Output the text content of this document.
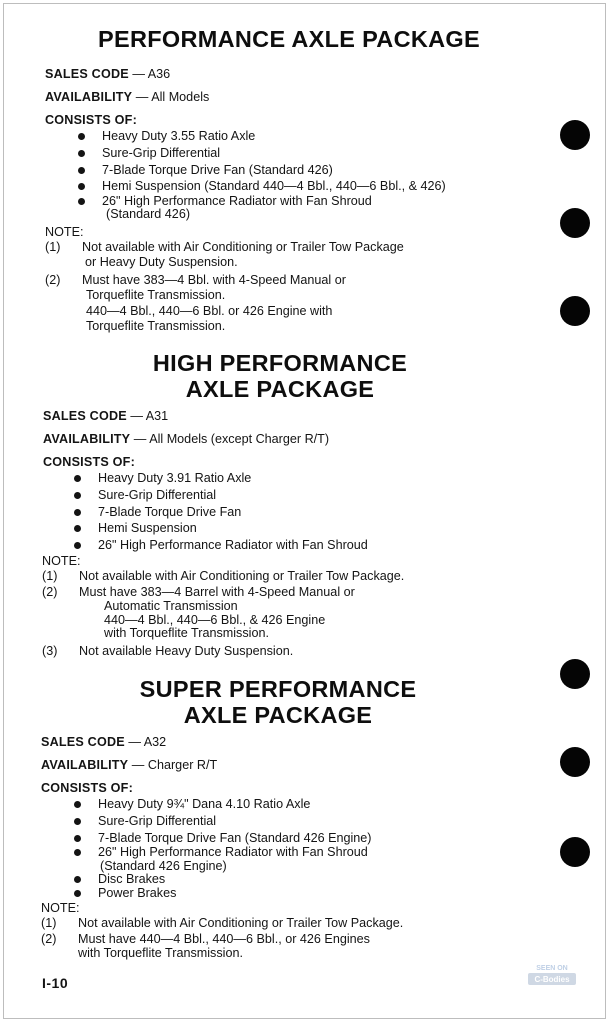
PERFORMANCE AXLE PACKAGE
SALES CODE — A36
AVAILABILITY — All Models
CONSISTS OF:
Heavy Duty 3.55 Ratio Axle
Sure-Grip Differential
7-Blade Torque Drive Fan (Standard 426)
Hemi Suspension (Standard 440—4 Bbl., 440—6 Bbl., & 426)
26" High Performance Radiator with Fan Shroud
(Standard 426)
NOTE:
(1) Not available with Air Conditioning or Trailer Tow Package
or Heavy Duty Suspension.
(2) Must have 383—4 Bbl. with 4-Speed Manual or
Torqueflite Transmission.
440—4 Bbl., 440—6 Bbl. or 426 Engine with
Torqueflite Transmission.
HIGH PERFORMANCE
AXLE PACKAGE
SALES CODE — A31
AVAILABILITY — All Models (except Charger R/T)
CONSISTS OF:
Heavy Duty 3.91 Ratio Axle
Sure-Grip Differential
7-Blade Torque Drive Fan
Hemi Suspension
26" High Performance Radiator with Fan Shroud
NOTE:
(1) Not available with Air Conditioning or Trailer Tow Package.
(2) Must have 383—4 Barrel with 4-Speed Manual or
Automatic Transmission
440—4 Bbl., 440—6 Bbl., & 426 Engine
with Torqueflite Transmission.
(3) Not available Heavy Duty Suspension.
SUPER PERFORMANCE
AXLE PACKAGE
SALES CODE — A32
AVAILABILITY — Charger R/T
CONSISTS OF:
Heavy Duty 9¾" Dana 4.10 Ratio Axle
Sure-Grip Differential
7-Blade Torque Drive Fan (Standard 426 Engine)
26" High Performance Radiator with Fan Shroud
(Standard 426 Engine)
Disc Brakes
Power Brakes
NOTE:
(1) Not available with Air Conditioning or Trailer Tow Package.
(2) Must have 440—4 Bbl., 440—6 Bbl., or 426 Engines
with Torqueflite Transmission.
I-10
SEEN ON
C-Bodies
